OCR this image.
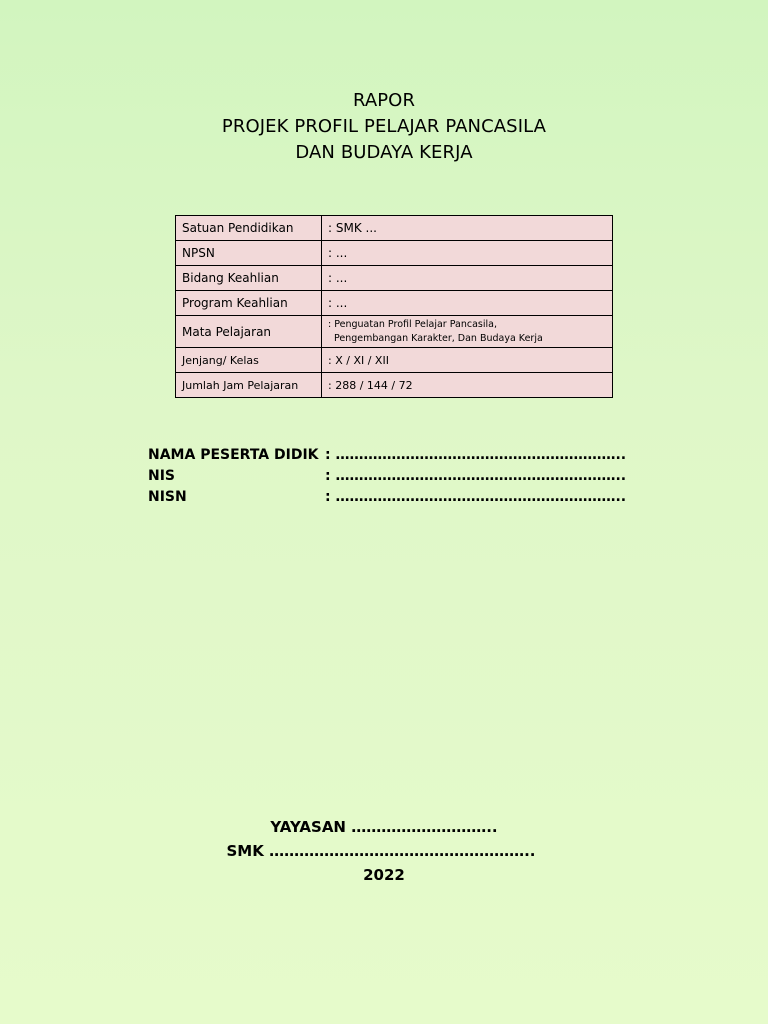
RAPOR
PROJEK PROFIL PELAJAR PANCASILA
DAN BUDAYA KERJA
Satuan Pendidikan	: SMK ...
NPSN	: ...
Bidang Keahlian	: ...
Program Keahlian	: ...
Mata Pelajaran	: Penguatan Profil Pelajar Pancasila,
Pengembangan Karakter, Dan Budaya Kerja

Jenjang/ Kelas	: X / XI / XII
Jumlah Jam Pelajaran	: 288 / 144 / 72
NAMA PESERTA DIDIK : ……………………………………………………..
NIS	: ……………………………………………………..
NISN	: ……………………………………………………..
YAYASAN ………………………..
SMK ……………………………………………..
2022
